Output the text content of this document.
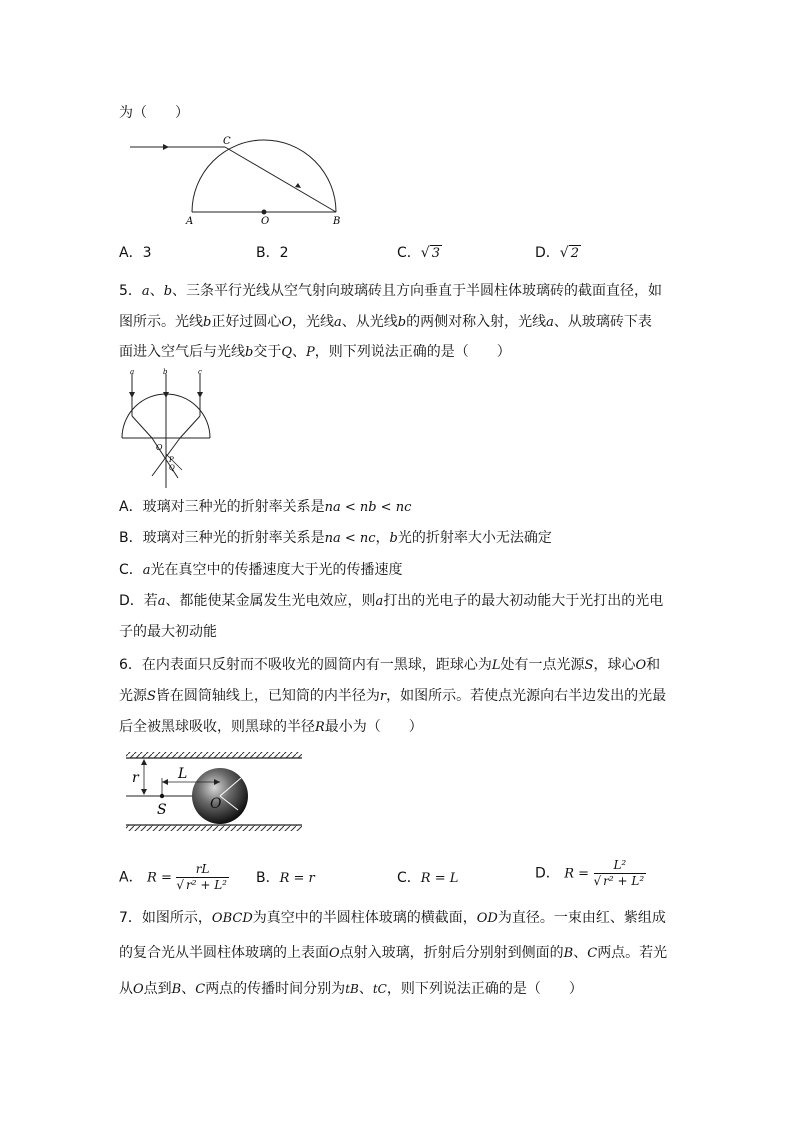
为（　　）
C
A	O	B
A．3	B．2	C．√ 3	D．√ 2
5．a、b、三条平行光线从空气射向玻璃砖且方向垂直于半圆柱体玻璃砖的截面直径，如
图所示。光线b正好过圆心O，光线a、从光线b的两侧对称入射，光线a、从玻璃砖下表
面进入空气后与光线b交于Q、P，则下列说法正确的是（　　）
a	b	c
O
P
Q
A．玻璃对三种光的折射率关系是na < nb < nc
B．玻璃对三种光的折射率关系是na < nc，b光的折射率大小无法确定
C．a光在真空中的传播速度大于光的传播速度
D．若a、都能使某金属发生光电效应，则a打出的光电子的最大初动能大于光打出的光电
子的最大初动能
6．在内表面只反射而不吸收光的圆筒内有一黑球，距球心为L处有一点光源S，球心O和
光源S皆在圆筒轴线上，已知筒的内半径为r，如图所示。若使点光源向右半边发出的光最
后全被黑球吸收，则黑球的半径R最小为（　　）
r	L
S	O
A． $R = \frac{rL}{\text{√ r² + L²}}$ B．R = r	C．R = L	D． $R = \frac{\text{L²}}{\text{√ r² + L²}}$
7．如图所示，OBCD为真空中的半圆柱体玻璃的横截面，OD为直径。一束由红、紫组成
的复合光从半圆柱体玻璃的上表面O点射入玻璃，折射后分别射到侧面的B、C两点。若光
从O点到B、C两点的传播时间分别为tB、tC，则下列说法正确的是（　　）
